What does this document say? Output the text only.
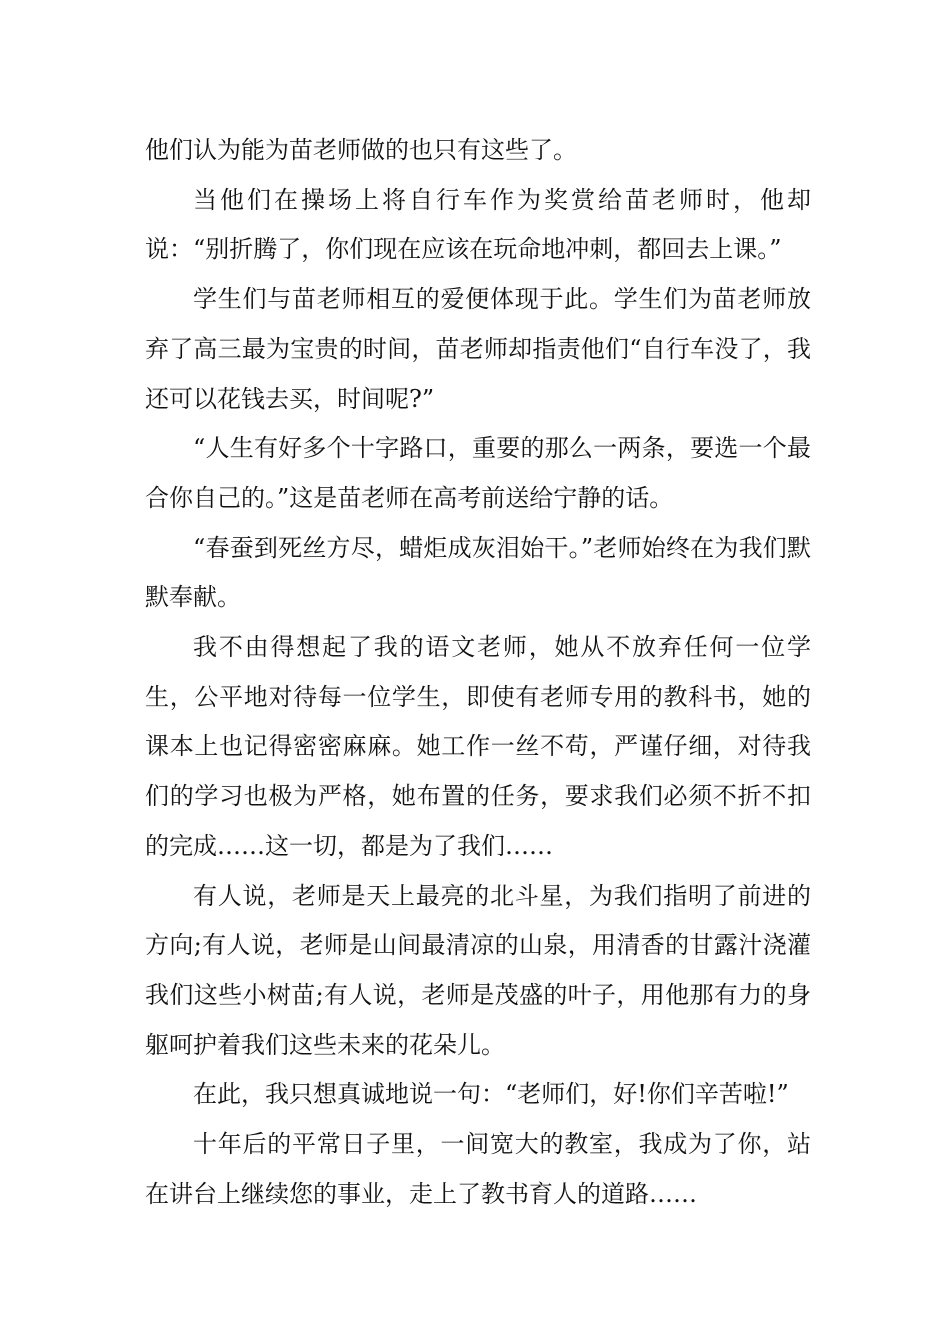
他们认为能为苗老师做的也只有这些了。

当他们在操场上将自行车作为奖赏给苗老师时，他却说：“别折腾了，你们现在应该在玩命地冲刺，都回去上课。”

学生们与苗老师相互的爱便体现于此。学生们为苗老师放弃了高三最为宝贵的时间，苗老师却指责他们“自行车没了，我还可以花钱去买，时间呢?”

“人生有好多个十字路口，重要的那么一两条，要选一个最合你自己的。”这是苗老师在高考前送给宁静的话。

“春蚕到死丝方尽，蜡炬成灰泪始干。”老师始终在为我们默默奉献。

我不由得想起了我的语文老师，她从不放弃任何一位学生，公平地对待每一位学生，即使有老师专用的教科书，她的课本上也记得密密麻麻。她工作一丝不苟，严谨仔细，对待我们的学习也极为严格，她布置的任务，要求我们必须不折不扣的完成……这一切，都是为了我们……

有人说，老师是天上最亮的北斗星，为我们指明了前进的方向;有人说，老师是山间最清凉的山泉，用清香的甘露汁浇灌我们这些小树苗;有人说，老师是茂盛的叶子，用他那有力的身躯呵护着我们这些未来的花朵儿。

在此，我只想真诚地说一句：“老师们，好!你们辛苦啦!”

十年后的平常日子里，一间宽大的教室，我成为了你，站在讲台上继续您的事业，走上了教书育人的道路……
